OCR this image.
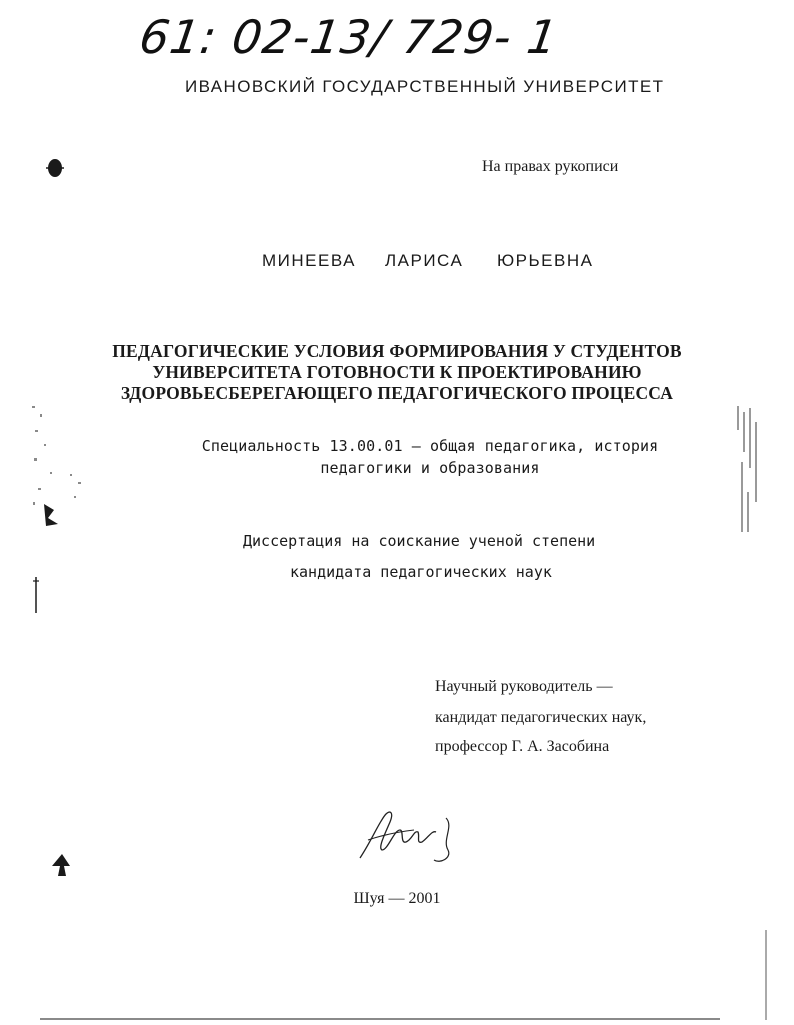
61: 02-13/ 729- 1
ИВАНОВСКИЙ ГОСУДАРСТВЕННЫЙ УНИВЕРСИТЕТ
На правах рукописи
МИНЕЕВА ЛАРИСА ЮРЬЕВНА
ПЕДАГОГИЧЕСКИЕ УСЛОВИЯ ФОРМИРОВАНИЯ У СТУДЕНТОВ
УНИВЕРСИТЕТА ГОТОВНОСТИ К ПРОЕКТИРОВАНИЮ
ЗДОРОВЬЕСБЕРЕГАЮЩЕГО ПЕДАГОГИЧЕСКОГО ПРОЦЕССА
Специальность 13.00.01 — общая педагогика, история
педагогики и образования
Диссертация на соискание ученой степени
кандидата педагогических наук
Научный руководитель —
кандидат педагогических наук,
профессор Г. А. Засобина
Шуя — 2001
